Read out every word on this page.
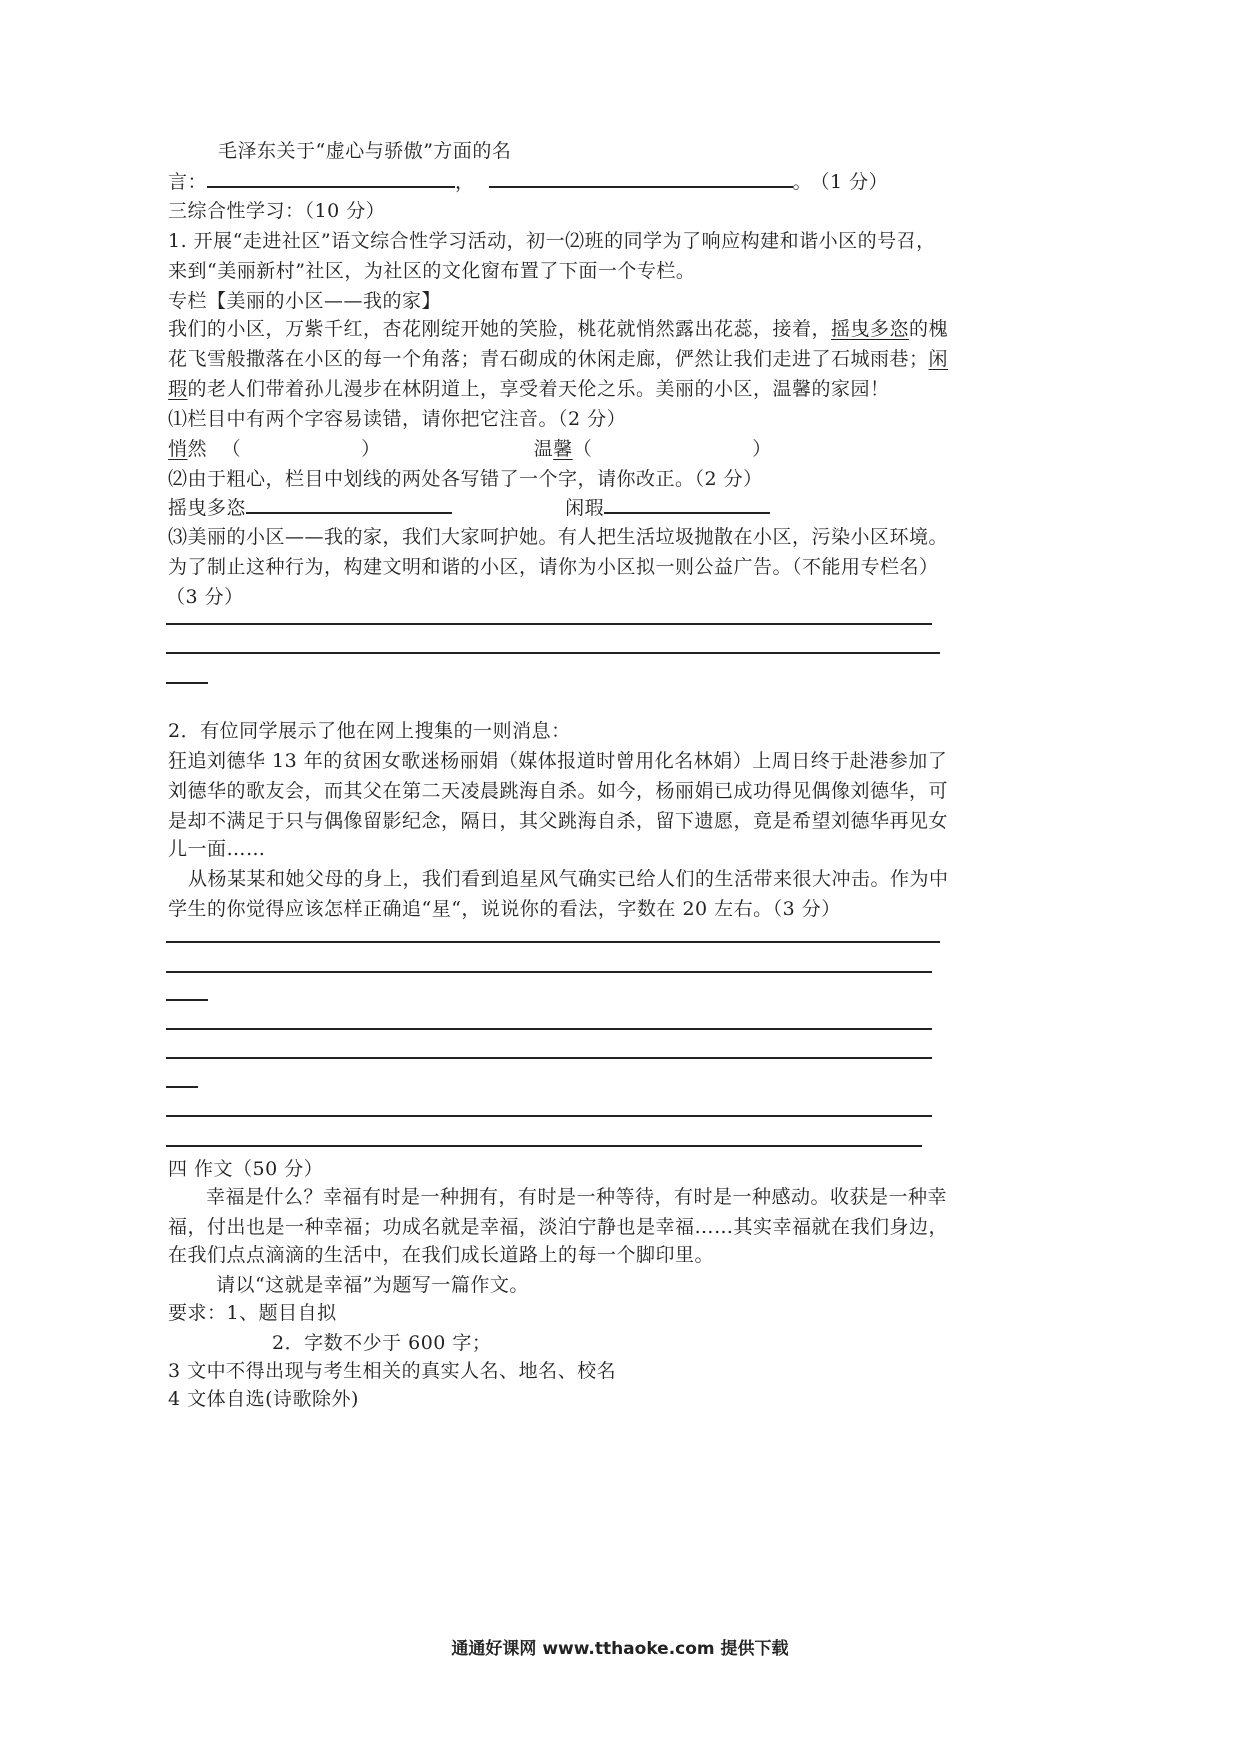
毛泽东关于“虚心与骄傲”方面的名
言：	，	。 （1 分）
三综合性学习：（10 分）
1. 开展“走进社区”语文综合性学习活动，初一⑵班的同学为了响应构建和谐小区的号召，
来到“美丽新村”社区，为社区的文化窗布置了下面一个专栏。
专栏【美丽的小区——我的家】
我们的小区，万紫千红，杏花刚绽开她的笑脸，桃花就悄然露出花蕊，接着，摇曳多恣的槐
花飞雪般撒落在小区的每一个角落；青石砌成的休闲走廊，俨然让我们走进了石城雨巷；闲
瑕的老人们带着孙儿漫步在林阴道上，享受着天伦之乐。美丽的小区，温馨的家园！
⑴栏目中有两个字容易读错，请你把它注音。（2 分）
悄然 （	）	温馨（	）
⑵由于粗心，栏目中划线的两处各写错了一个字，请你改正。（2 分）
摇曳多恣	闲瑕
⑶美丽的小区——我的家，我们大家呵护她。有人把生活垃圾抛散在小区，污染小区环境。
为了制止这种行为，构建文明和谐的小区，请你为小区拟一则公益广告。（不能用专栏名）
（3 分）
2．有位同学展示了他在网上搜集的一则消息：
狂追刘德华 13 年的贫困女歌迷杨丽娟（媒体报道时曾用化名林娟）上周日终于赴港参加了
刘德华的歌友会，而其父在第二天凌晨跳海自杀。如今，杨丽娟已成功得见偶像刘德华，可
是却不满足于只与偶像留影纪念，隔日，其父跳海自杀，留下遗愿，竟是希望刘德华再见女
儿一面……
从杨某某和她父母的身上，我们看到追星风气确实已给人们的生活带来很大冲击。作为中
学生的你觉得应该怎样正确追“星“，说说你的看法，字数在 20 左右。（3 分）
四 作文（50 分）
幸福是什么？幸福有时是一种拥有，有时是一种等待，有时是一种感动。收获是一种幸
福，付出也是一种幸福；功成名就是幸福，淡泊宁静也是幸福……其实幸福就在我们身边，
在我们点点滴滴的生活中，在我们成长道路上的每一个脚印里。
请以“这就是幸福”为题写一篇作文。
要求：1、题目自拟
2．字数不少于 600 字；
3 文中不得出现与考生相关的真实人名、地名、校名
4 文体自选(诗歌除外)
通通好课网 www.tthaoke.com 提供下载
